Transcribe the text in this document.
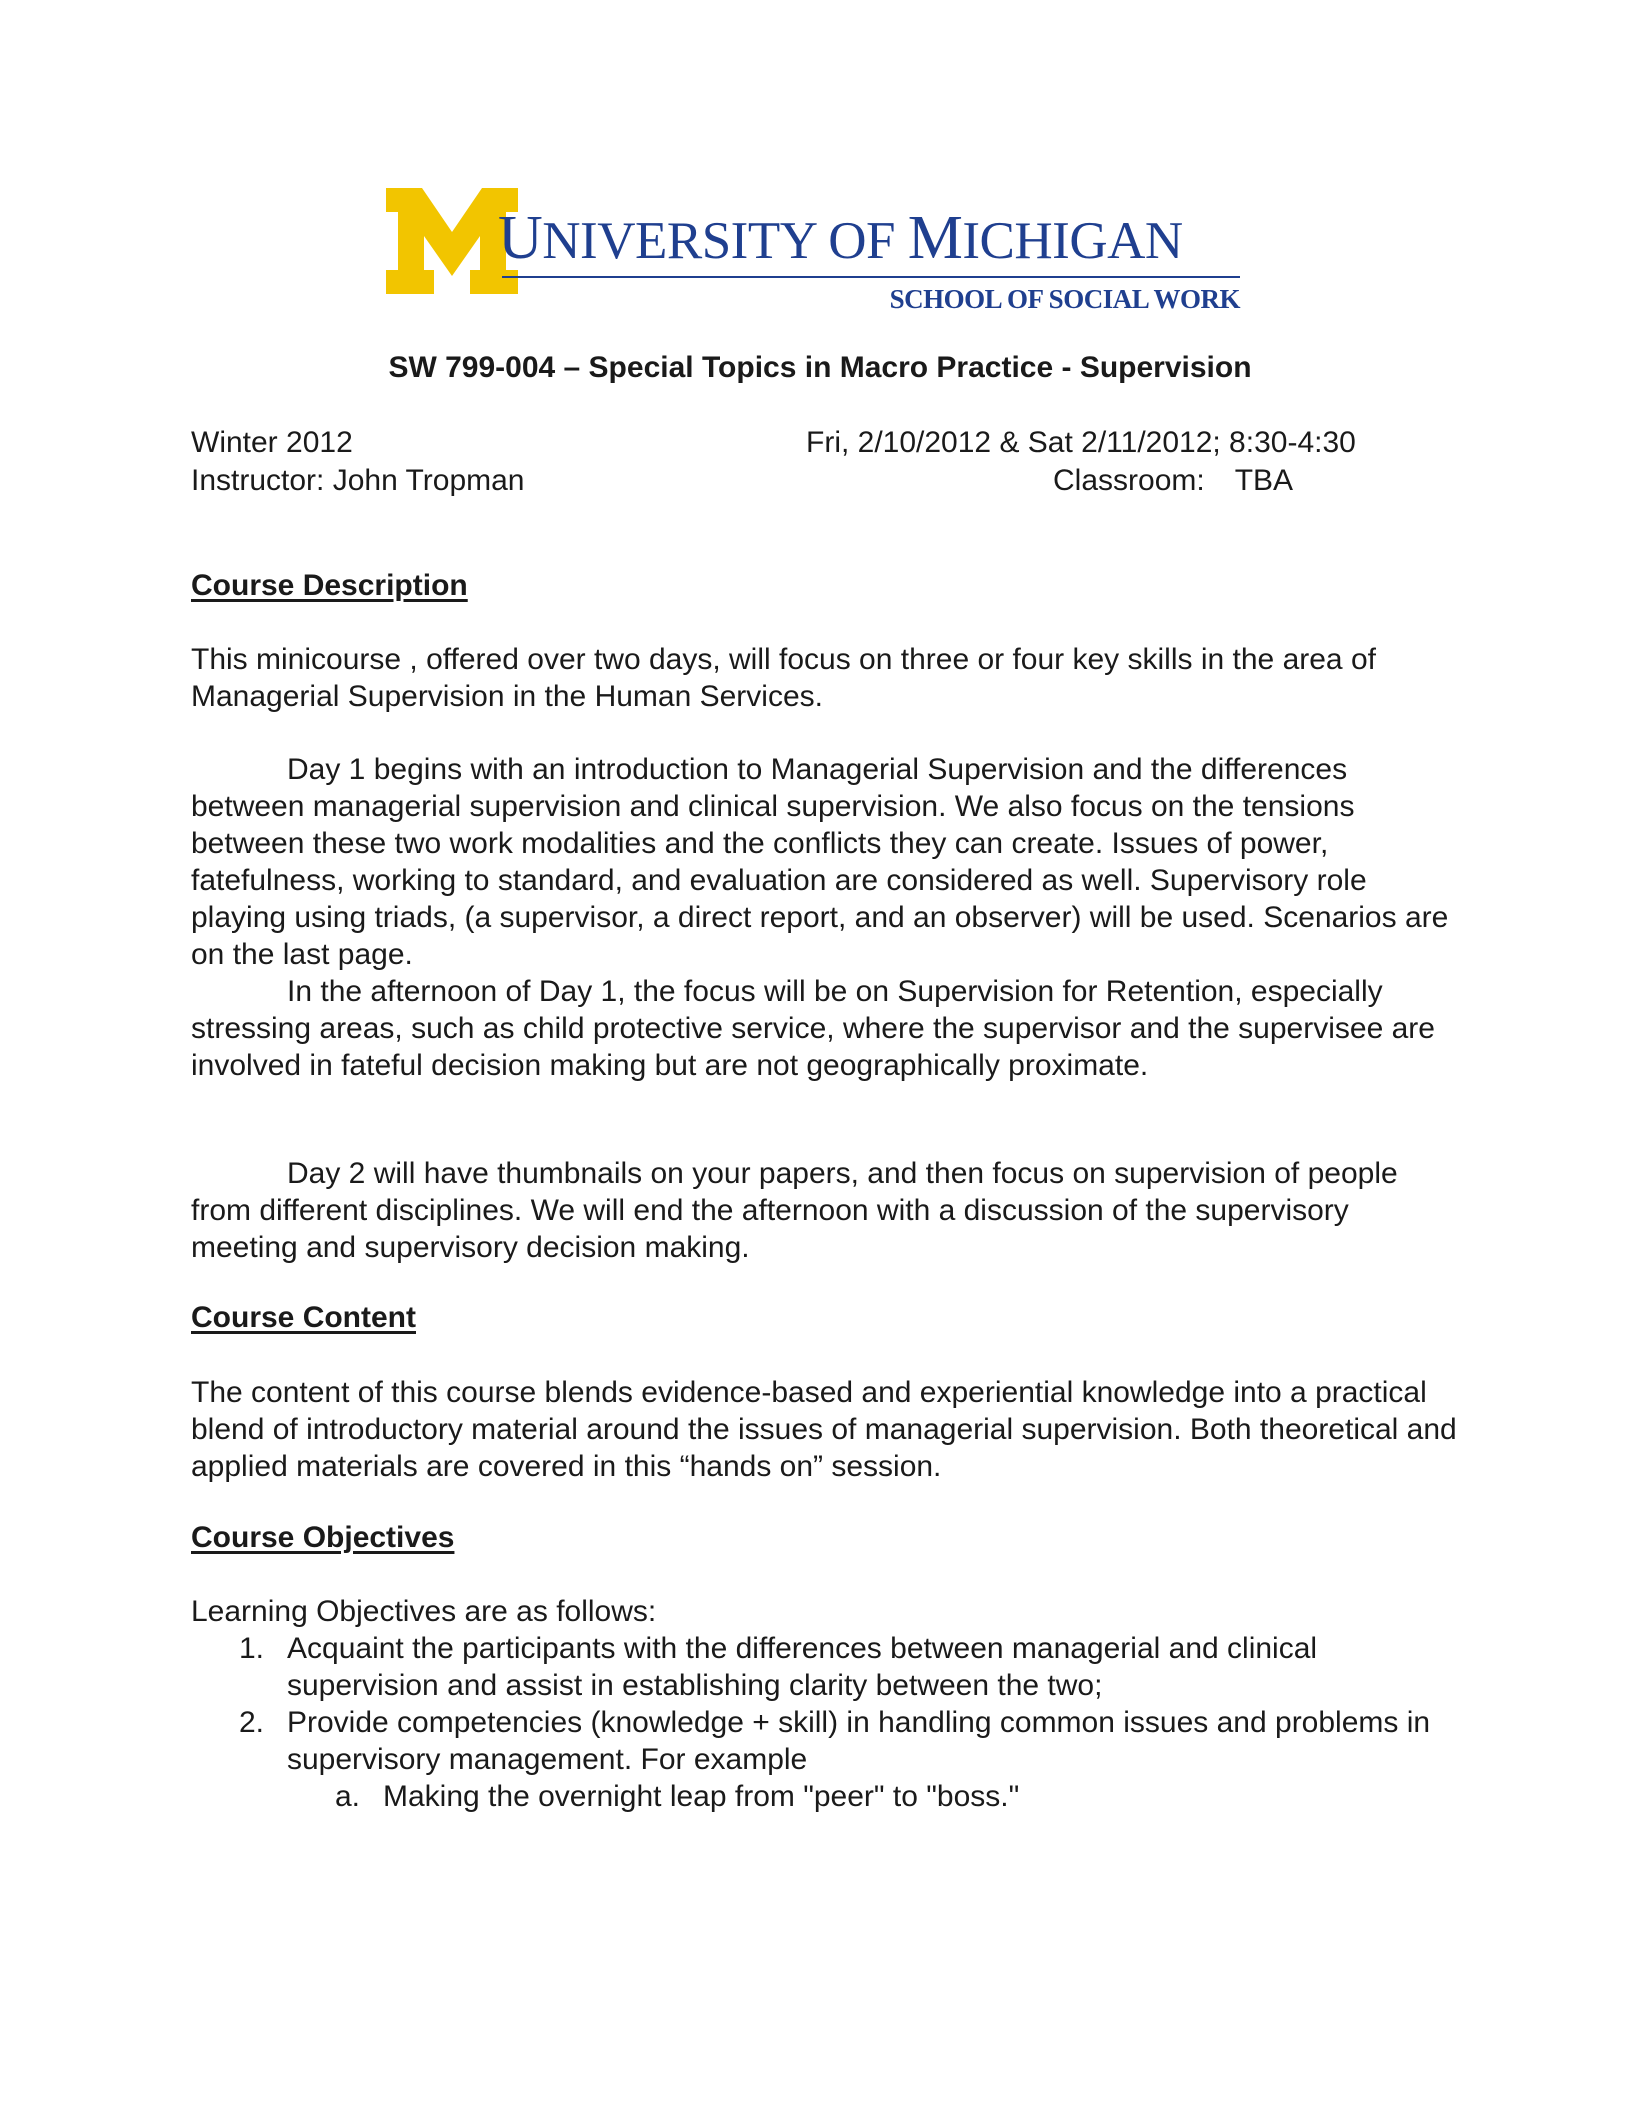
UNIVERSITY OF MICHIGAN
SCHOOL OF SOCIAL WORK
SW 799-004 – Special Topics in Macro Practice - Supervision
Winter 2012
Instructor: John Tropman
Fri, 2/10/2012 & Sat 2/11/2012; 8:30-4:30
Classroom: TBA
Course Description

This minicourse , offered over two days, will focus on three or four key skills in the area of Managerial Supervision in the Human Services.

Day 1 begins with an introduction to Managerial Supervision and the differences between managerial supervision and clinical supervision. We also focus on the tensions between these two work modalities and the conflicts they can create. Issues of power, fatefulness, working to standard, and evaluation are considered as well. Supervisory role playing using triads, (a supervisor, a direct report, and an observer) will be used. Scenarios are on the last page.

In the afternoon of Day 1, the focus will be on Supervision for Retention, especially stressing areas, such as child protective service, where the supervisor and the supervisee are involved in fateful decision making but are not geographically proximate.

Day 2 will have thumbnails on your papers, and then focus on supervision of people from different disciplines. We will end the afternoon with a discussion of the supervisory meeting and supervisory decision making.

Course Content

The content of this course blends evidence-based and experiential knowledge into a practical blend of introductory material around the issues of managerial supervision. Both theoretical and applied materials are covered in this “hands on” session.

Course Objectives

Learning Objectives are as follows:

1. Acquaint the participants with the differences between managerial and clinical supervision and assist in establishing clarity between the two;
2. Provide competencies (knowledge + skill) in handling common issues and problems in supervisory management. For example
a. Making the overnight leap from "peer" to "boss."
